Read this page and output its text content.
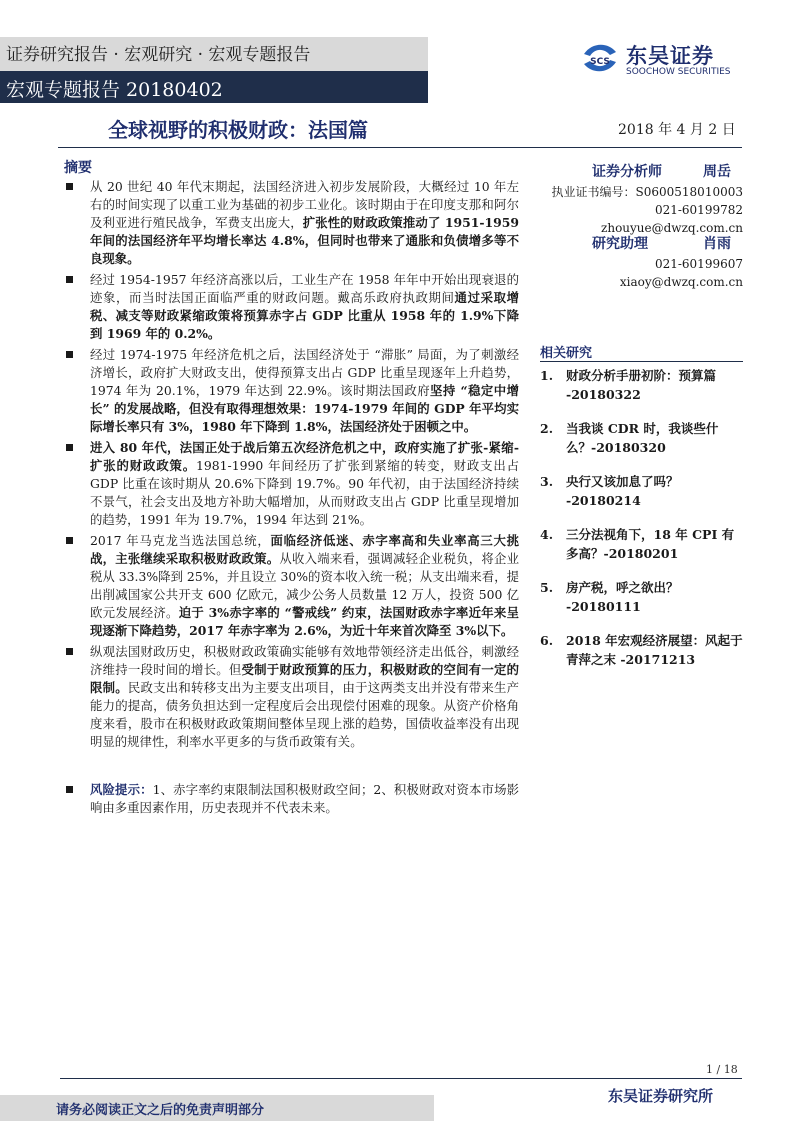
证券研究报告 · 宏观研究 · 宏观专题报告
宏观专题报告 20180402
SCS 东吴证券
SOOCHOW SECURITIES
全球视野的积极财政：法国篇	2018 年 4 月 2 日
摘要
从 20 世纪 40 年代末期起，法国经济进入初步发展阶段，大概经过 10 年左右的时间实现了以重工业为基础的初步工业化。该时期由于在印度支那和阿尔及利亚进行殖民战争，军费支出庞大，扩张性的财政政策推动了 1951-1959 年间的法国经济年平均增长率达 4.8%，但同时也带来了通胀和负债增多等不良现象。
经过 1954-1957 年经济高涨以后，工业生产在 1958 年年中开始出现衰退的迹象，而当时法国正面临严重的财政问题。戴高乐政府执政期间通过采取增税、减支等财政紧缩政策将预算赤字占 GDP 比重从 1958 年的 1.9%下降到 1969 年的 0.2%。
经过 1974-1975 年经济危机之后，法国经济处于 “滞胀” 局面，为了刺激经济增长，政府扩大财政支出，使得预算支出占 GDP 比重呈现逐年上升趋势，1974 年为 20.1%，1979 年达到 22.9%。该时期法国政府坚持 “稳定中增长” 的发展战略，但没有取得理想效果：1974-1979 年间的 GDP 年平均实际增长率只有 3%，1980 年下降到 1.8%，法国经济处于困顿之中。
进入 80 年代，法国正处于战后第五次经济危机之中，政府实施了扩张-紧缩-扩张的财政政策。1981-1990 年间经历了扩张到紧缩的转变，财政支出占 GDP 比重在该时期从 20.6%下降到 19.7%。90 年代初，由于法国经济持续不景气，社会支出及地方补助大幅增加，从而财政支出占 GDP 比重呈现增加的趋势，1991 年为 19.7%，1994 年达到 21%。
2017 年马克龙当选法国总统，面临经济低迷、赤字率高和失业率高三大挑战，主张继续采取积极财政政策。从收入端来看，强调减轻企业税负，将企业税从 33.3%降到 25%，并且设立 30%的资本收入统一税；从支出端来看，提出削减国家公共开支 600 亿欧元，减少公务人员数量 12 万人，投资 500 亿欧元发展经济。迫于 3%赤字率的 “警戒线” 约束，法国财政赤字率近年来呈现逐渐下降趋势，2017 年赤字率为 2.6%，为近十年来首次降至 3%以下。
纵观法国财政历史，积极财政政策确实能够有效地带领经济走出低谷，刺激经济维持一段时间的增长。但受制于财政预算的压力，积极财政的空间有一定的限制。民政支出和转移支出为主要支出项目，由于这两类支出并没有带来生产能力的提高，债务负担达到一定程度后会出现偿付困难的现象。从资产价格角度来看，股市在积极财政政策期间整体呈现上涨的趋势，国债收益率没有出现明显的规律性，利率水平更多的与货币政策有关。
风险提示：1、赤字率约束限制法国积极财政空间；2、积极财政对资本市场影响由多重因素作用，历史表现并不代表未来。
证券分析师	周岳
执业证书编号：S0600518010003
021-60199782
zhouyue@dwzq.com.cn
研究助理	肖雨
021-60199607
xiaoy@dwzq.com.cn
相关研究
1.	财政分析手册初阶：预算篇 -20180322
2.	当我谈 CDR 时，我谈些什么？-20180320
3.	央行又该加息了吗？ -20180214
4.	三分法视角下，18 年 CPI 有多高？-20180201
5.	房产税，呼之欲出？ -20180111
6.	2018 年宏观经济展望：风起于青萍之末 -20171213
1 / 18
请务必阅读正文之后的免责声明部分
东吴证券研究所
